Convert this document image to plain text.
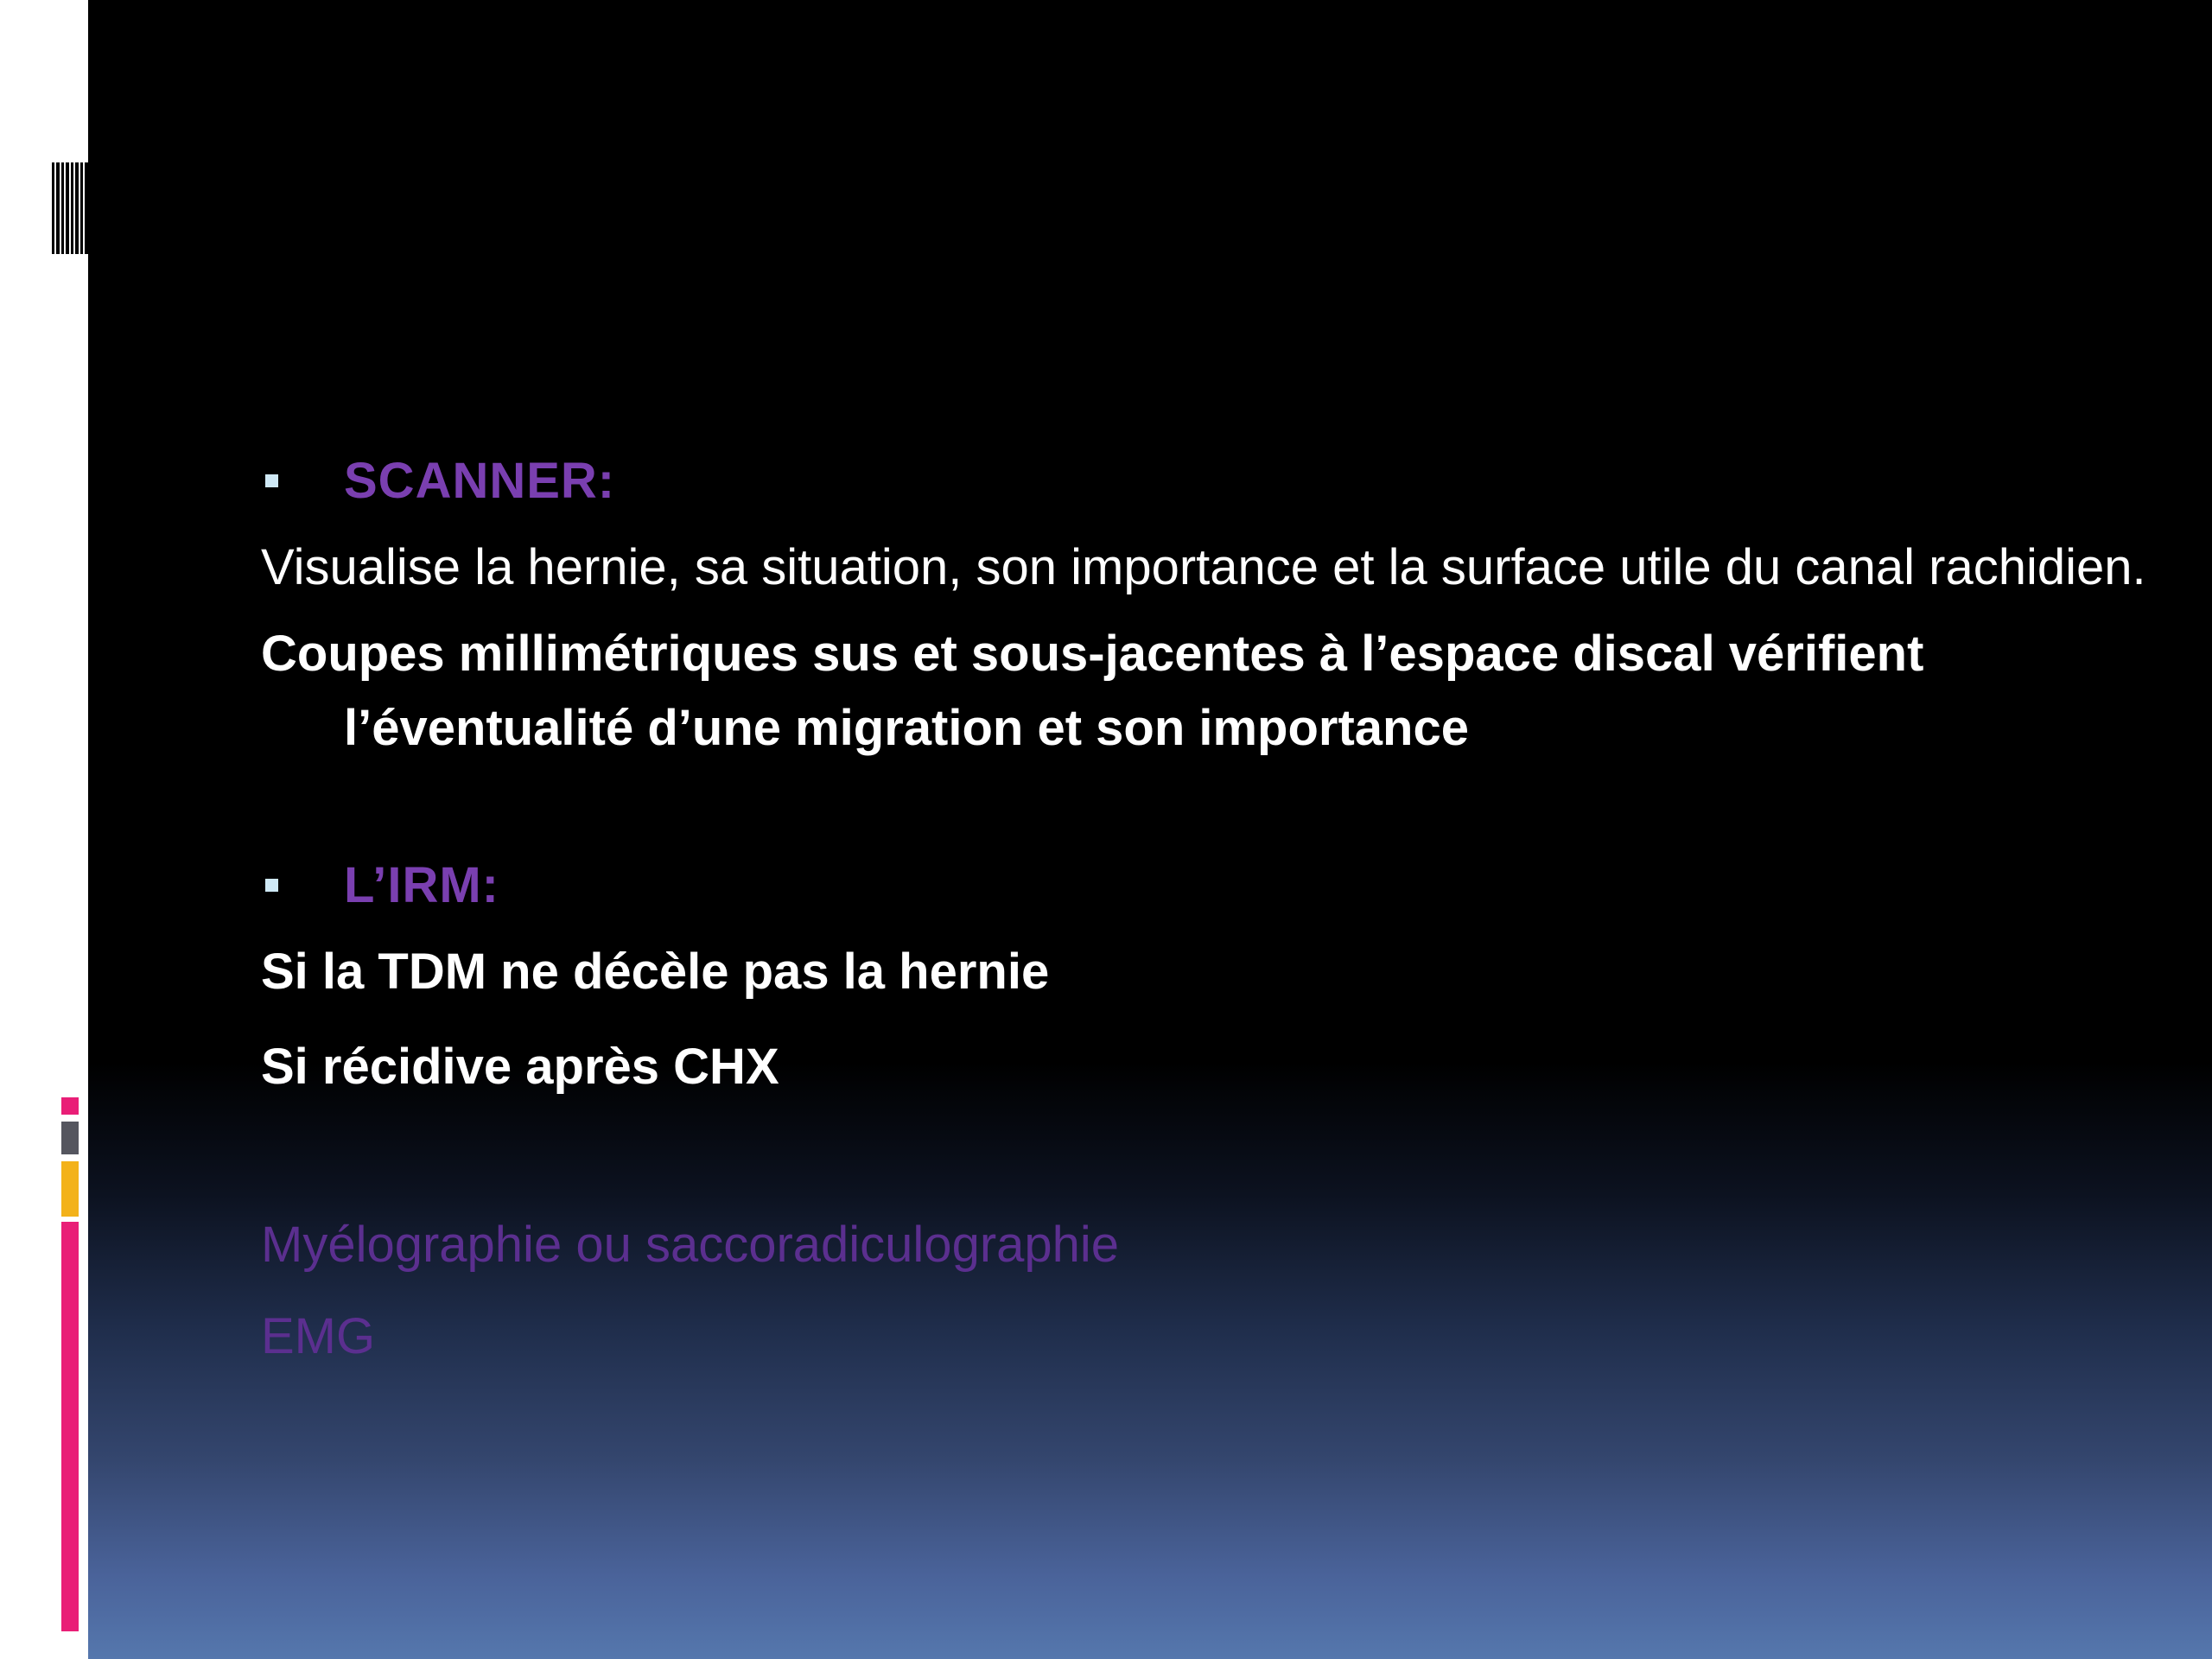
SCANNER:
Visualise la hernie, sa situation, son importance et la surface utile du canal rachidien.
Coupes millimétriques sus et sous-jacentes à l’espace discal vérifient l’éventualité d’une migration et son importance
L’IRM:
Si la TDM ne décèle pas la hernie
Si récidive après CHX
Myélographie ou saccoradiculographie
EMG
